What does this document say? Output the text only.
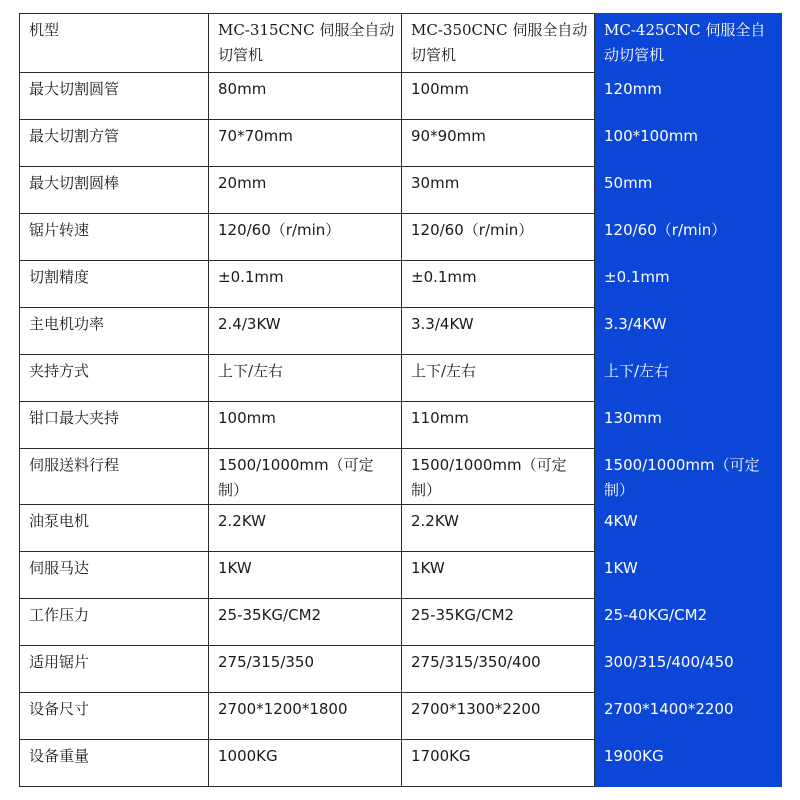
机型	MC-315CNC 伺服全自动切管机	MC-350CNC 伺服全自动切管机	MC-425CNC 伺服全自动切管机
最大切割圆管	80mm	100mm	120mm
最大切割方管	70*70mm	90*90mm	100*100mm
最大切割圆棒	20mm	30mm	50mm
锯片转速	120/60（r/min）	120/60（r/min）	120/60（r/min）
切割精度	±0.1mm	±0.1mm	±0.1mm
主电机功率	2.4/3KW	3.3/4KW	3.3/4KW
夹持方式	上下/左右	上下/左右	上下/左右
钳口最大夹持	100mm	110mm	130mm
伺服送料行程	1500/1000mm（可定制）	1500/1000mm（可定制）	1500/1000mm（可定制）
油泵电机	2.2KW	2.2KW	4KW
伺服马达	1KW	1KW	1KW
工作压力	25-35KG/CM2	25-35KG/CM2	25-40KG/CM2
适用锯片	275/315/350	275/315/350/400	300/315/400/450
设备尺寸	2700*1200*1800	2700*1300*2200	2700*1400*2200
设备重量	1000KG	1700KG	1900KG
